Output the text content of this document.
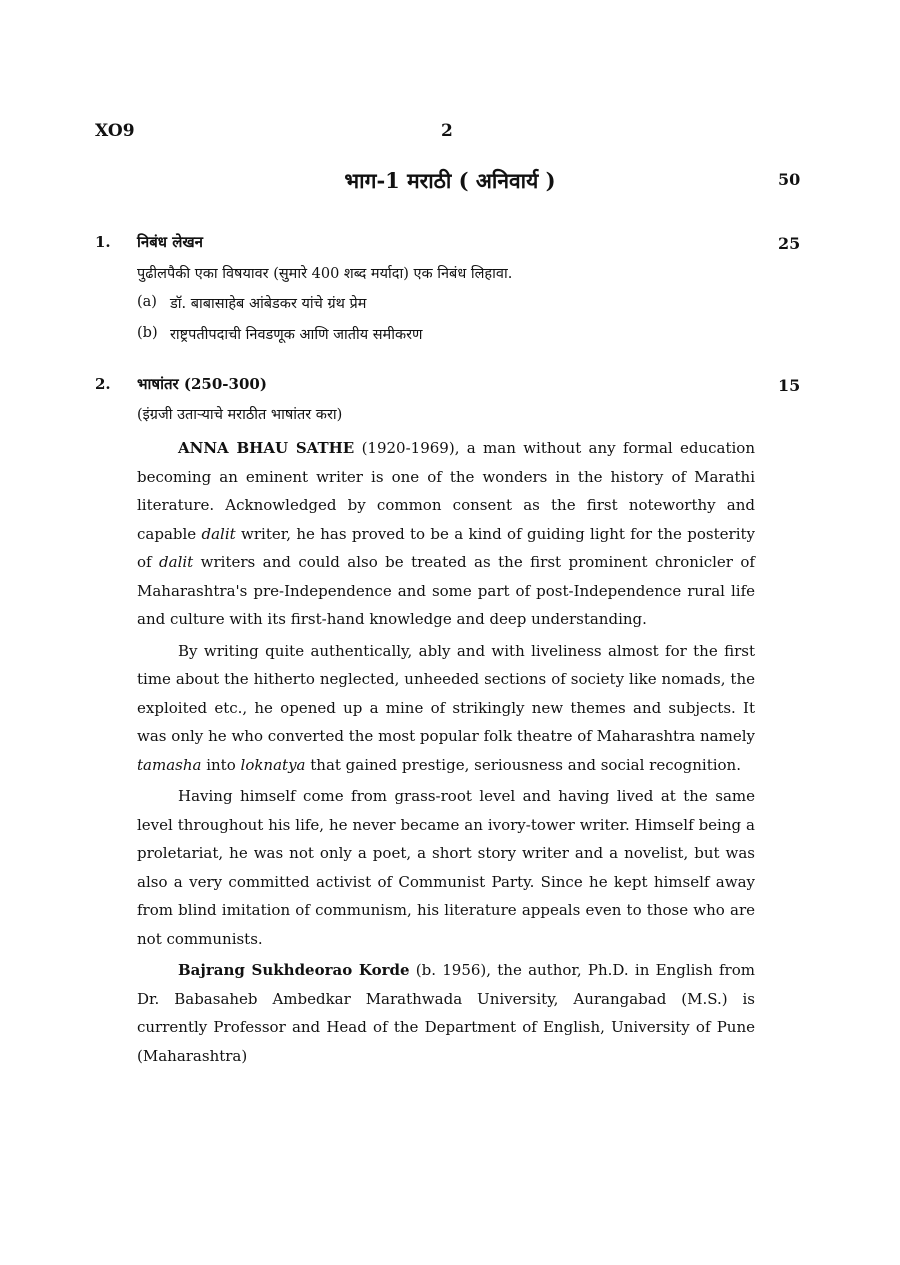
XO9	2
भाग-1 मराठी ( अनिवार्य )	50
1. निबंध लेखन	25
पुढीलपैकी एका विषयावर (सुमारे 400 शब्द मर्यादा) एक निबंध लिहावा.
(a) डॉ. बाबासाहेब आंबेडकर यांचे ग्रंथ प्रेम
(b) राष्ट्रपतीपदाची निवडणूक आणि जातीय समीकरण
2. भाषांतर (250-300)	15
(इंग्रजी उताऱ्याचे मराठीत भाषांतर करा)

ANNA BHAU SATHE (1920-1969), a man without any formal education becoming an eminent writer is one of the wonders in the history of Marathi literature. Acknowledged by common consent as the first noteworthy and capable dalit writer, he has proved to be a kind of guiding light for the posterity of dalit writers and could also be treated as the first prominent chronicler of Maharashtra's pre-Independence and some part of post-Independence rural life and culture with its first-hand knowledge and deep understanding.

By writing quite authentically, ably and with liveliness almost for the first time about the hitherto neglected, unheeded sections of society like nomads, the exploited etc., he opened up a mine of strikingly new themes and subjects. It was only he who converted the most popular folk theatre of Maharashtra namely tamasha into loknatya that gained prestige, seriousness and social recognition.

Having himself come from grass-root level and having lived at the same level throughout his life, he never became an ivory-tower writer. Himself being a proletariat, he was not only a poet, a short story writer and a novelist, but was also a very committed activist of Communist Party. Since he kept himself away from blind imitation of communism, his literature appeals even to those who are not communists.

Bajrang Sukhdeorao Korde (b. 1956), the author, Ph.D. in English from Dr. Babasaheb Ambedkar Marathwada University, Aurangabad (M.S.) is currently Professor and Head of the Department of English, University of Pune (Maharashtra)
